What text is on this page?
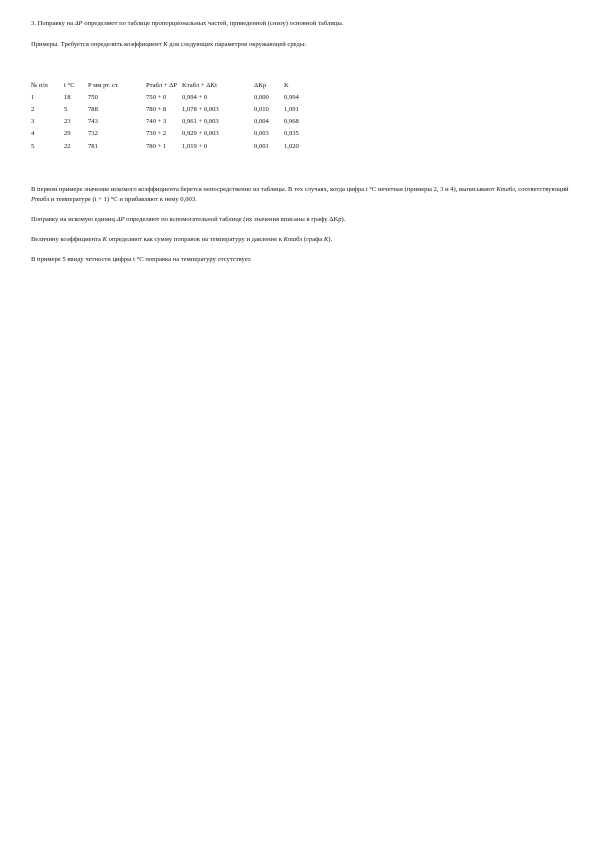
3. Поправку на ΔP определяют по таблице пропорциональных частей, приведенной (снизу) основной таблицы.
Примеры. Требуется определить коэффициент K для следующих параметров окружающей среды:
№ п/п	t °C	P мм рт. ст.	Pтабл + ΔP	Kтабл + ΔKt	ΔKp	K
1	18	750	750 + 0	0,994 + 0	0,000	0,994
2	5	788	780 + 8	1,078 + 0,003	0,010	1,091
3	23	743	740 + 3	0,961 + 0,003	0,004	0,968
4	29	732	730 + 2	0,929 + 0,003	0,003	0,935
5	22	781	780 + 1	1,019 + 0	0,001	1,020
В первом примере значение искомого коэффициента берется непосредственно из таблицы. В тех случаях, когда цифра t °C нечетная (примеры 2, 3 и 4), выписывают Kтабл, соответствующий Pтабл и температуре (t + 1) °C и прибавляют к нему 0,003.
Поправку на искомую единиц ΔP определяют по вспомогательной таблице (их значения вписаны в графу ΔKp).
Величину коэффициента K определяют как сумму поправок на температуру и давление к Kтабл (графа K).
В примере 5 ввиду четности цифры t °C поправка на температуру отсутствует.
